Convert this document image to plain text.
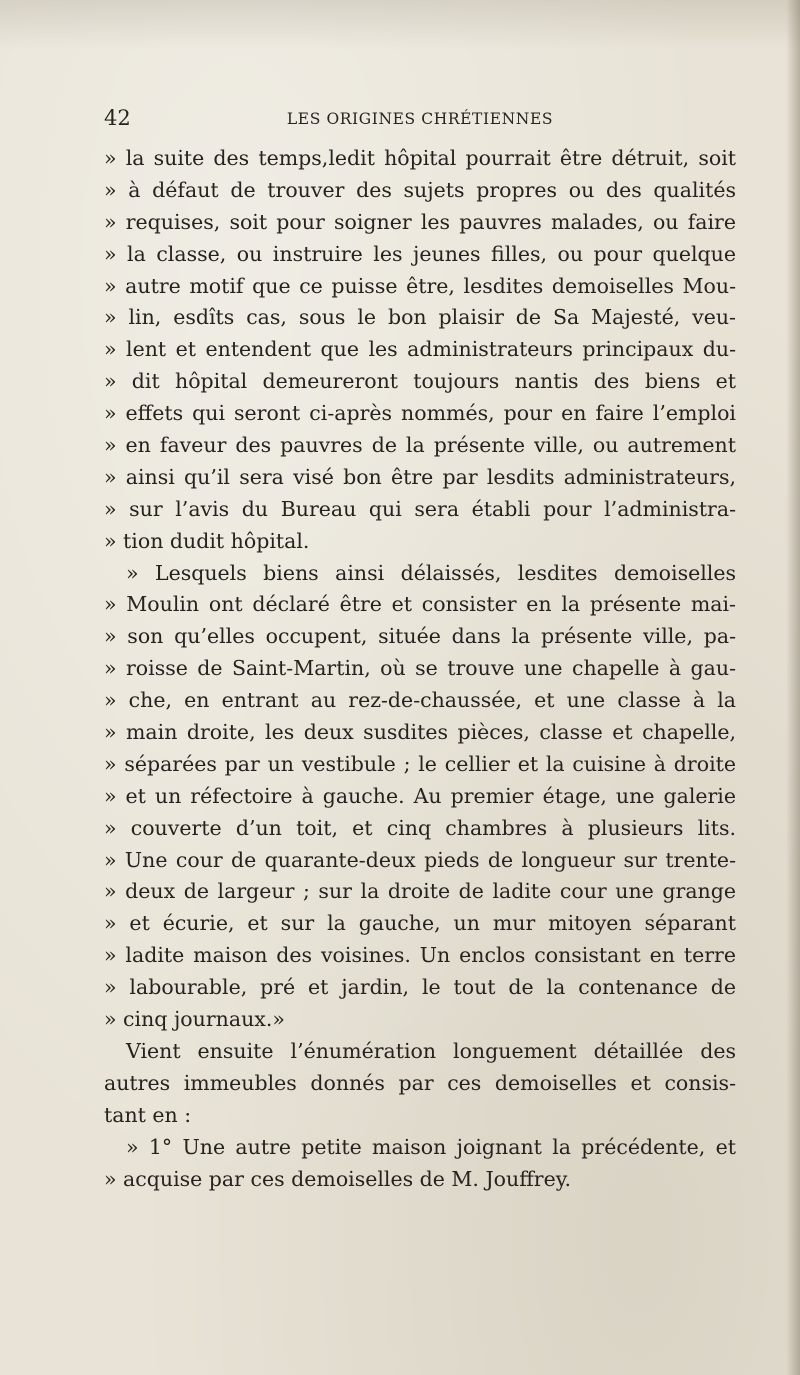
42	LES ORIGINES CHRÉTIENNES
» la suite des temps,ledit hôpital pourrait être détruit, soit
» à défaut de trouver des sujets propres ou des qualités
» requises, soit pour soigner les pauvres malades, ou faire
» la classe, ou instruire les jeunes filles, ou pour quelque
» autre motif que ce puisse être, lesdites demoiselles Mou-
» lin, esdîts cas, sous le bon plaisir de Sa Majesté, veu-
» lent et entendent que les administrateurs principaux du-
» dit hôpital demeureront toujours nantis des biens et
» effets qui seront ci-après nommés, pour en faire l’emploi
» en faveur des pauvres de la présente ville, ou autrement
» ainsi qu’il sera visé bon être par lesdits administrateurs,
» sur l’avis du Bureau qui sera établi pour l’administra-
» tion dudit hôpital.
» Lesquels biens ainsi délaissés, lesdites demoiselles
» Moulin ont déclaré être et consister en la présente mai-
» son qu’elles occupent, située dans la présente ville, pa-
» roisse de Saint-Martin, où se trouve une chapelle à gau-
» che, en entrant au rez-de-chaussée, et une classe à la
» main droite, les deux susdites pièces, classe et chapelle,
» séparées par un vestibule ; le cellier et la cuisine à droite
» et un réfectoire à gauche. Au premier étage, une galerie
» couverte d’un toit, et cinq chambres à plusieurs lits.
» Une cour de quarante-deux pieds de longueur sur trente-
» deux de largeur ; sur la droite de ladite cour une grange
» et écurie, et sur la gauche, un mur mitoyen séparant
» ladite maison des voisines. Un enclos consistant en terre
» labourable, pré et jardin, le tout de la contenance de
» cinq journaux.»
Vient ensuite l’énumération longuement détaillée des
autres immeubles donnés par ces demoiselles et consis-
tant en :
» 1° Une autre petite maison joignant la précédente, et
» acquise par ces demoiselles de M. Jouffrey.
